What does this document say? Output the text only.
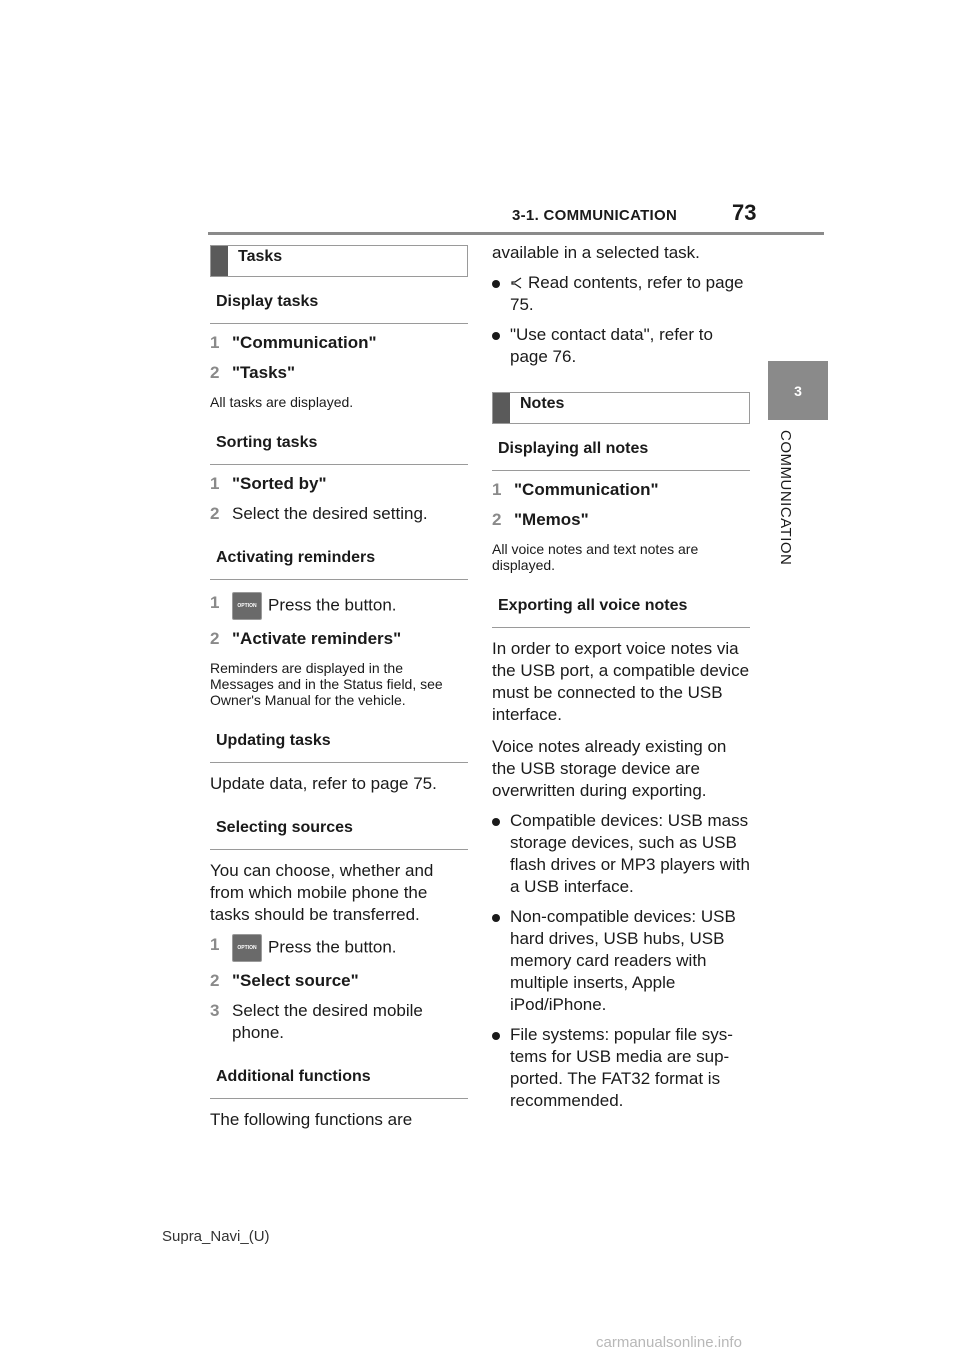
3-1. COMMUNICATION 73
3
COMMUNICATION
Tasks
Display tasks
1 "Communication"
2 "Tasks"
All tasks are displayed.
Sorting tasks
1 "Sorted by"
2 Select the desired setting.
Activating reminders
1	OPTION Press the button.
2 "Activate reminders"
Reminders are displayed in the Messages and in the Status field, see Owner's Manual for the vehicle.
Updating tasks

Update data, refer to page 75.

Selecting sources

You can choose, whether and from which mobile phone the tasks should be transferred.

1	OPTION Press the button.
2 "Select source"
3 Select the desired mobile phone.
Additional functions

The following functions are

available in a selected task.

Read contents, refer to page 75.
"Use contact data", refer to page 76.
Notes
Displaying all notes
1 "Communication"
2 "Memos"
All voice notes and text notes are displayed.
Exporting all voice notes

In order to export voice notes via the USB port, a compatible device must be connected to the USB interface.

Voice notes already existing on the USB storage device are overwritten during exporting.

Compatible devices: USB mass storage devices, such as USB flash drives or MP3 players with a USB interface.
Non-compatible devices: USB hard drives, USB hubs, USB memory card readers with multiple inserts, Apple iPod/iPhone.
File systems: popular file sys-tems for USB media are sup-ported. The FAT32 format is recommended.
Supra_Navi_(U)
carmanualsonline.info
